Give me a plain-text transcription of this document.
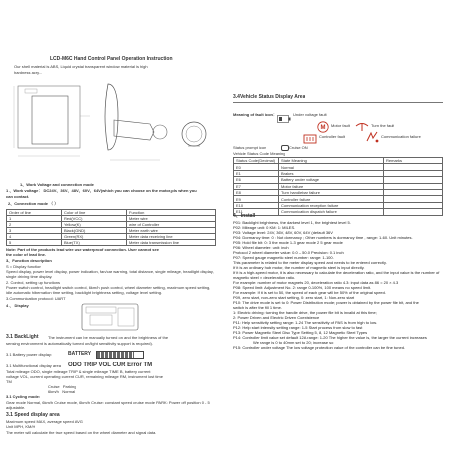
LCD-M6C Hand Control Panel Operation Instruction
Our shell material is ABS, Liquid crystal transparent window material is high
hardness acry...
1、Work Voltage and connection mode
1 、Work voltage： DC24V、36V、48V、60V、64V(which you can choose on the motor,pls when you
can contact.
2、Connection mode （ ）
Order of line	Color of line	Function
1	Red(VCC)	Meter wire
2	Yellow(K)	wire of Controller
3	Black(GND)	Meter earth wire
4	Green(RX)	Meter data receiving line
5	Blue(TX)	Meter data transmission line
Note: Part of the products lead wire use waterproof connection. User cannot see
the color of lead line.
3、Function description
S = Display function
Speed display, power level display, power indication, fan/car warning, total distance, single mileage, headlight display,
single driving time display.
2. Control, setting up functions
Power switch control, headlight switch control, 6km/h push control, wheel diameter setting, maximum speed setting,
idle automatic hibernation time setting, backlight brightness setting, voltage level setting.
3.Communication protocol: UART
4 、 Display
3.1 BackLight The instrument can be manually turned on and the brightness of the
sensing environment is automatically turned on/light sensitivity support is required).
3.1 Battery power display:	BATTERY
3.1 Multifunctional display area ODO TRIP VOL CUR Error TM
Total mileage ODO, single mileage TRIP & single mileage TIME B, battery current
voltage VOL, current operating current CUR, remaining mileage RM, instrument lost time
TM
Cruise   Parking
6km/h   Normal
3.1 Cycling mode:
Gear mode Normal, 6km/h Cruise mode, 6km/h Cruise: constant speed cruise mode PARK: Power off position 0 - 5
adjustable.
3.1 Speed display area
Maximum speed MAX, average speed AVG
Unit MPH, KM/H
The meter will calculate the true speed based on the wheel diameter and signal data.
3.4Vehicle Status Display Area
Meaning of fault icon：	Under voltage fault
M Motor fault	Turn the fault
Controller fault	Communication failure
Status prompt icon	Cruise ON
Vehicle Status Code Meaning
Status Code(Decimal)	State Meaning	Remarks
E0	Normal	
E1	Brakes	
E6	Battery under voltage	
E7	Motor failure	
E8	Turn handlebar failure	
E9	Controller failure	
E10	Communication reception failure	
E11	Communication dispatch failure	
4、Install
P01: Backlight brightness, the darkest level 1, the brightest level 5.
P02: Mileage unit: 0 KM: 1: MILES.
P03: Voltage level: 24V, 36V, 48V, 60V, 64V (default 36V
P04: Dormancy time: 0 : Not dormancy ; Other numbers is dormancy time , range: 1-60. Unit minutes.
P05: Hold file bit: 0: 3 the mode 1-3 gear mode 2 5 gear mode
P06: Wheel diameter: unit: inch
Protocol 2 wheel diameter value: 0.0 – 50.0 Precision: 0.1 inch
P07: Speed gauge magnetic steel number: range: 1-100.
This parameter is related to the meter display speed and needs to be entered correctly.
If it is an ordinary hub motor, the number of magnetic steel is input directly.
If it is a high-speed motor, it is also necessary to calculate the deceleration ratio, and the input value is the number of
magnetic steel × deceleration ratio.
For example: number of motor magnets 20, deceleration ratio 4.3: input data as 86 = 20 × 4.3
P08: Speed limit: Adjustment No. 2: range 0-100%, 100 means no speed limit.
For example: If it is set to 50, the speed of each gear will be 50% of the original speed.
P09, zero start, non-zero start setting, 0: zero start, 1: Non-zero start
P10: The drive mode is set to 0: Power Distribution mode; power is obtained by the power file bit, and the
switch is after the fill 1 time.
1: Electric driving: turning the handle drive, the power file bit is invalid at this time;
2: Power Driven and Electric Driven Coexistence
P11: Help sensitivity setting range: 1-24 The sensitivity of PAS is from high to low.
P12: Help start intensity setting range: 1-5 Start process from slow to fast
P13: Power Magnetic Steel Disc Type Setting 5, 8, 12 Magnetic Steel Types
P14: Controller limit value set default 12A range: 1-20 The higher the value is, the larger the current increases
We range is 0 to 40mm set to 20; increase so
P15: Controller under voltage The low voltage protection value of the controller can be fine tuned.
